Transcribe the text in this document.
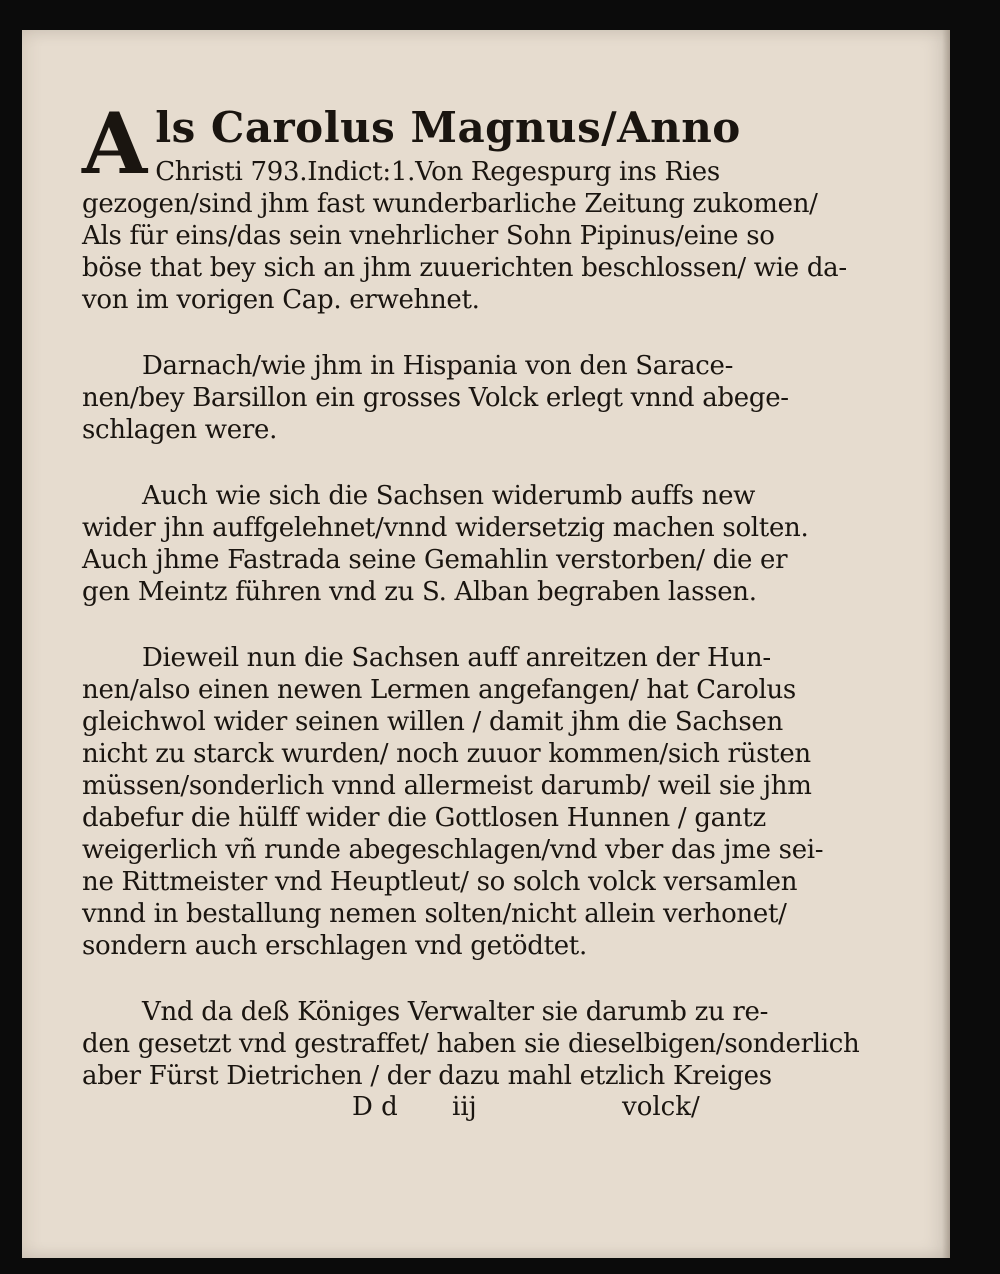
A ls Carolus Magnus/Anno
Christi 793.Indict:1.Von Regespurg ins Ries
gezogen/sind jhm fast wunderbarliche Zeitung zukomen/
Als für eins/das sein vnehrlicher Sohn Pipinus/eine so
böse that bey sich an jhm zuuerichten beschlossen/ wie da-
von im vorigen Cap. erwehnet.
Darnach/wie jhm in Hispania von den Sarace-
nen/bey Barsillon ein grosses Volck erlegt vnnd abege-
schlagen were.
Auch wie sich die Sachsen widerumb auffs new
wider jhn auffgelehnet/vnnd widersetzig machen solten.
Auch jhme Fastrada seine Gemahlin verstorben/ die er
gen Meintz führen vnd zu S. Alban begraben lassen.
Dieweil nun die Sachsen auff anreitzen der Hun-
nen/also einen newen Lermen angefangen/ hat Carolus
gleichwol wider seinen willen / damit jhm die Sachsen
nicht zu starck wurden/ noch zuuor kommen/sich rüsten
müssen/sonderlich vnnd allermeist darumb/ weil sie jhm
dabefur die hülff wider die Gottlosen Hunnen / gantz
weigerlich vñ runde abegeschlagen/vnd vber das jme sei-
ne Rittmeister vnd Heuptleut/ so solch volck versamlen
vnnd in bestallung nemen solten/nicht allein verhonet/
sondern auch erschlagen vnd getödtet.
Vnd da deß Königes Verwalter sie darumb zu re-
den gesetzt vnd gestraffet/ haben sie dieselbigen/sonderlich
aber Fürst Dietrichen / der dazu mahl etzlich Kreiges
D d iij	volck/
